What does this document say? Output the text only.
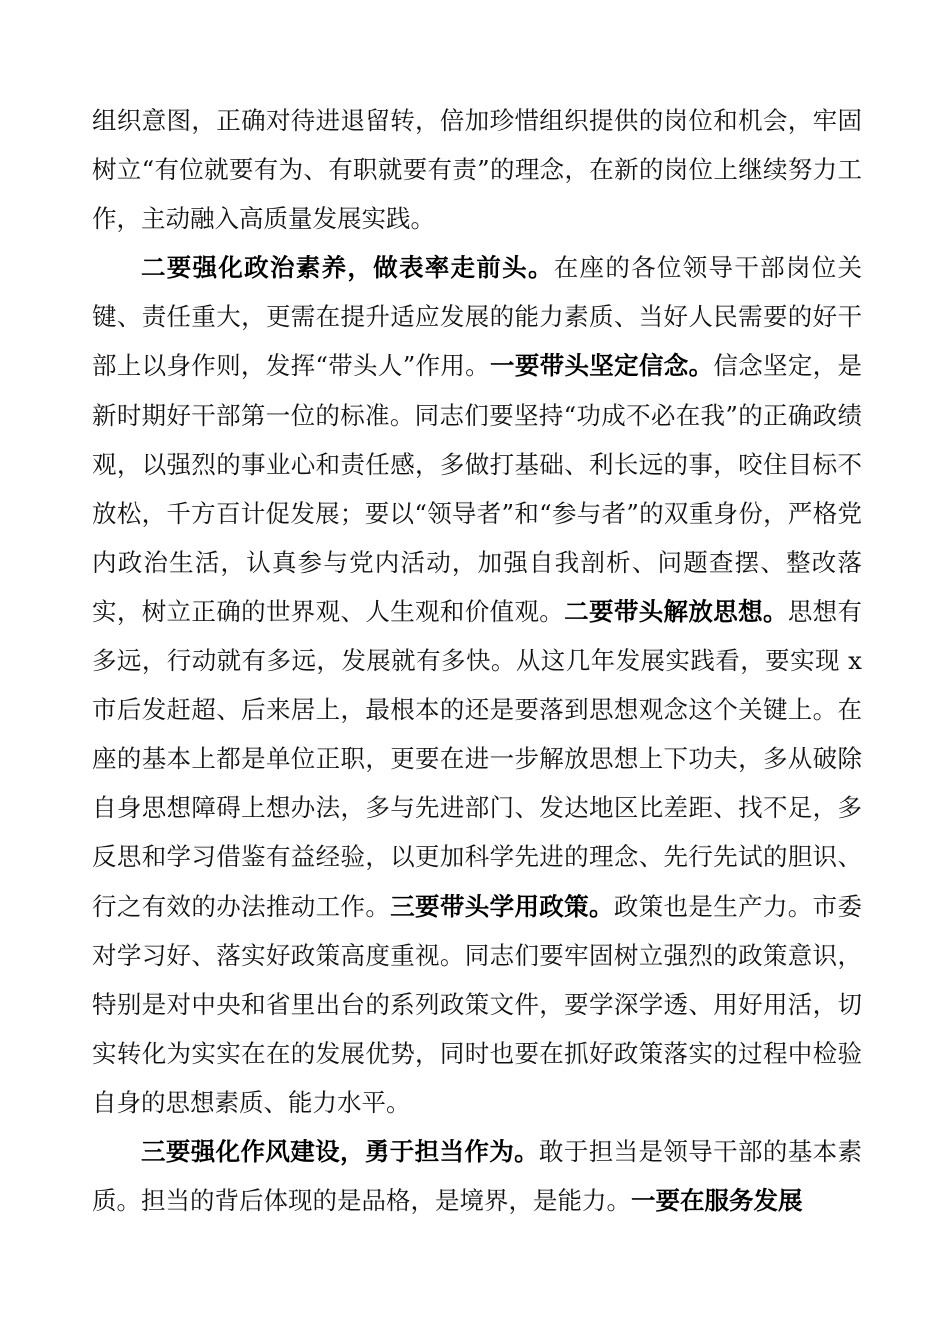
组织意图，正确对待进退留转，倍加珍惜组织提供的岗位和机会，牢固树立“有位就要有为、有职就要有责”的理念，在新的岗位上继续努力工作，主动融入高质量发展实践。

二要强化政治素养，做表率走前头。在座的各位领导干部岗位关键、责任重大，更需在提升适应发展的能力素质、当好人民需要的好干部上以身作则，发挥“带头人”作用。一要带头坚定信念。信念坚定，是新时期好干部第一位的标准。同志们要坚持“功成不必在我”的正确政绩观，以强烈的事业心和责任感，多做打基础、利长远的事，咬住目标不放松，千方百计促发展；要以“领导者”和“参与者”的双重身份，严格党内政治生活，认真参与党内活动，加强自我剖析、问题查摆、整改落实，树立正确的世界观、人生观和价值观。二要带头解放思想。思想有多远，行动就有多远，发展就有多快。从这几年发展实践看，要实现 x 市后发赶超、后来居上，最根本的还是要落到思想观念这个关键上。在座的基本上都是单位正职，更要在进一步解放思想上下功夫，多从破除自身思想障碍上想办法，多与先进部门、发达地区比差距、找不足，多反思和学习借鉴有益经验，以更加科学先进的理念、先行先试的胆识、行之有效的办法推动工作。三要带头学用政策。政策也是生产力。市委对学习好、落实好政策高度重视。同志们要牢固树立强烈的政策意识，特别是对中央和省里出台的系列政策文件，要学深学透、用好用活，切实转化为实实在在的发展优势，同时也要在抓好政策落实的过程中检验自身的思想素质、能力水平。

三要强化作风建设，勇于担当作为。敢于担当是领导干部的基本素质。担当的背后体现的是品格，是境界，是能力。一要在服务发展
